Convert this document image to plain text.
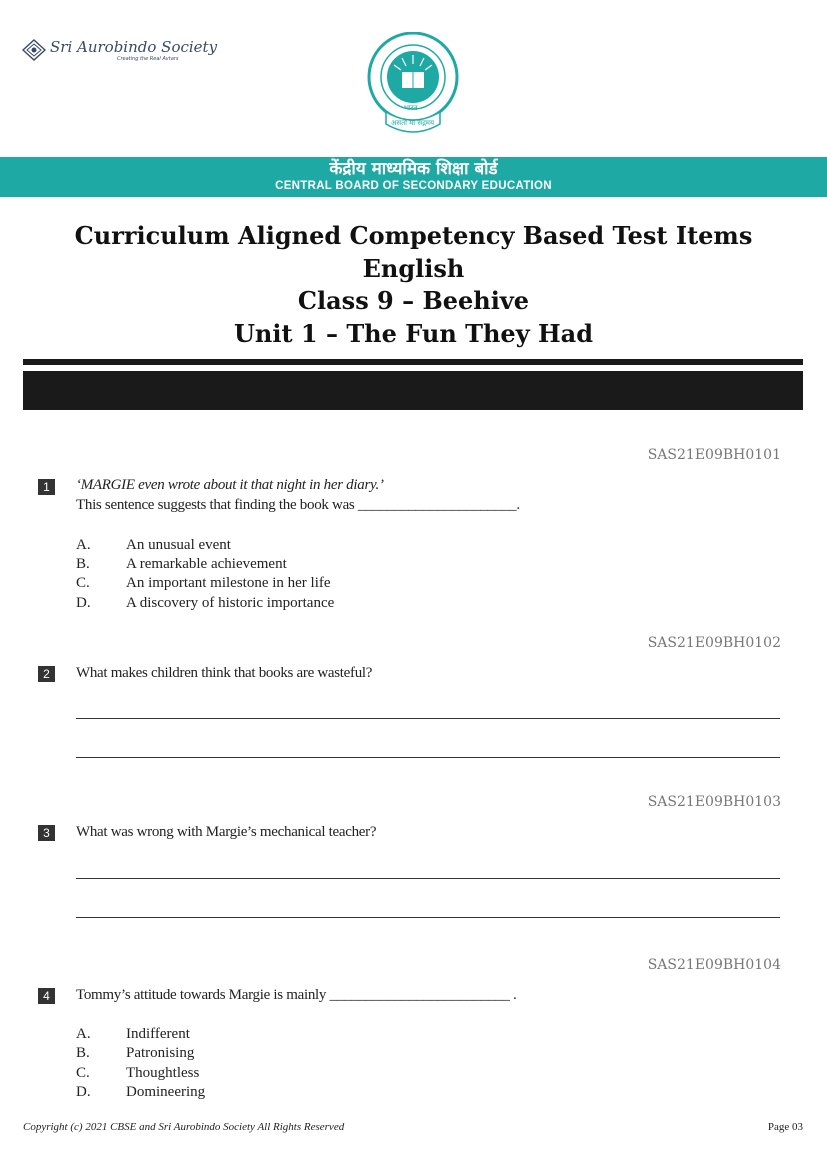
Sri Aurobindo Society
Creating the Real Avtars
भारत
असतो मा सद्गमय
केंद्रीय माध्यमिक शिक्षा बोर्ड
CENTRAL BOARD OF SECONDARY EDUCATION
Curriculum Aligned Competency Based Test Items
English
Class 9 – Beehive
Unit 1 – The Fun They Had
SAS21E09BH0101
1	‘MARGIE even wrote about it that night in her diary.’
This sentence suggests that finding the book was ______________________.
A. An unusual event
B. A remarkable achievement
C. An important milestone in her life
D. A discovery of historic importance
SAS21E09BH0102
2	What makes children think that books are wasteful?
SAS21E09BH0103
3	What was wrong with Margie’s mechanical teacher?
SAS21E09BH0104
4	Tommy’s attitude towards Margie is mainly _________________________ .
A. Indifferent
B. Patronising
C. Thoughtless
D. Domineering
Copyright (c) 2021 CBSE and Sri Aurobindo Society All Rights Reserved	Page 03
